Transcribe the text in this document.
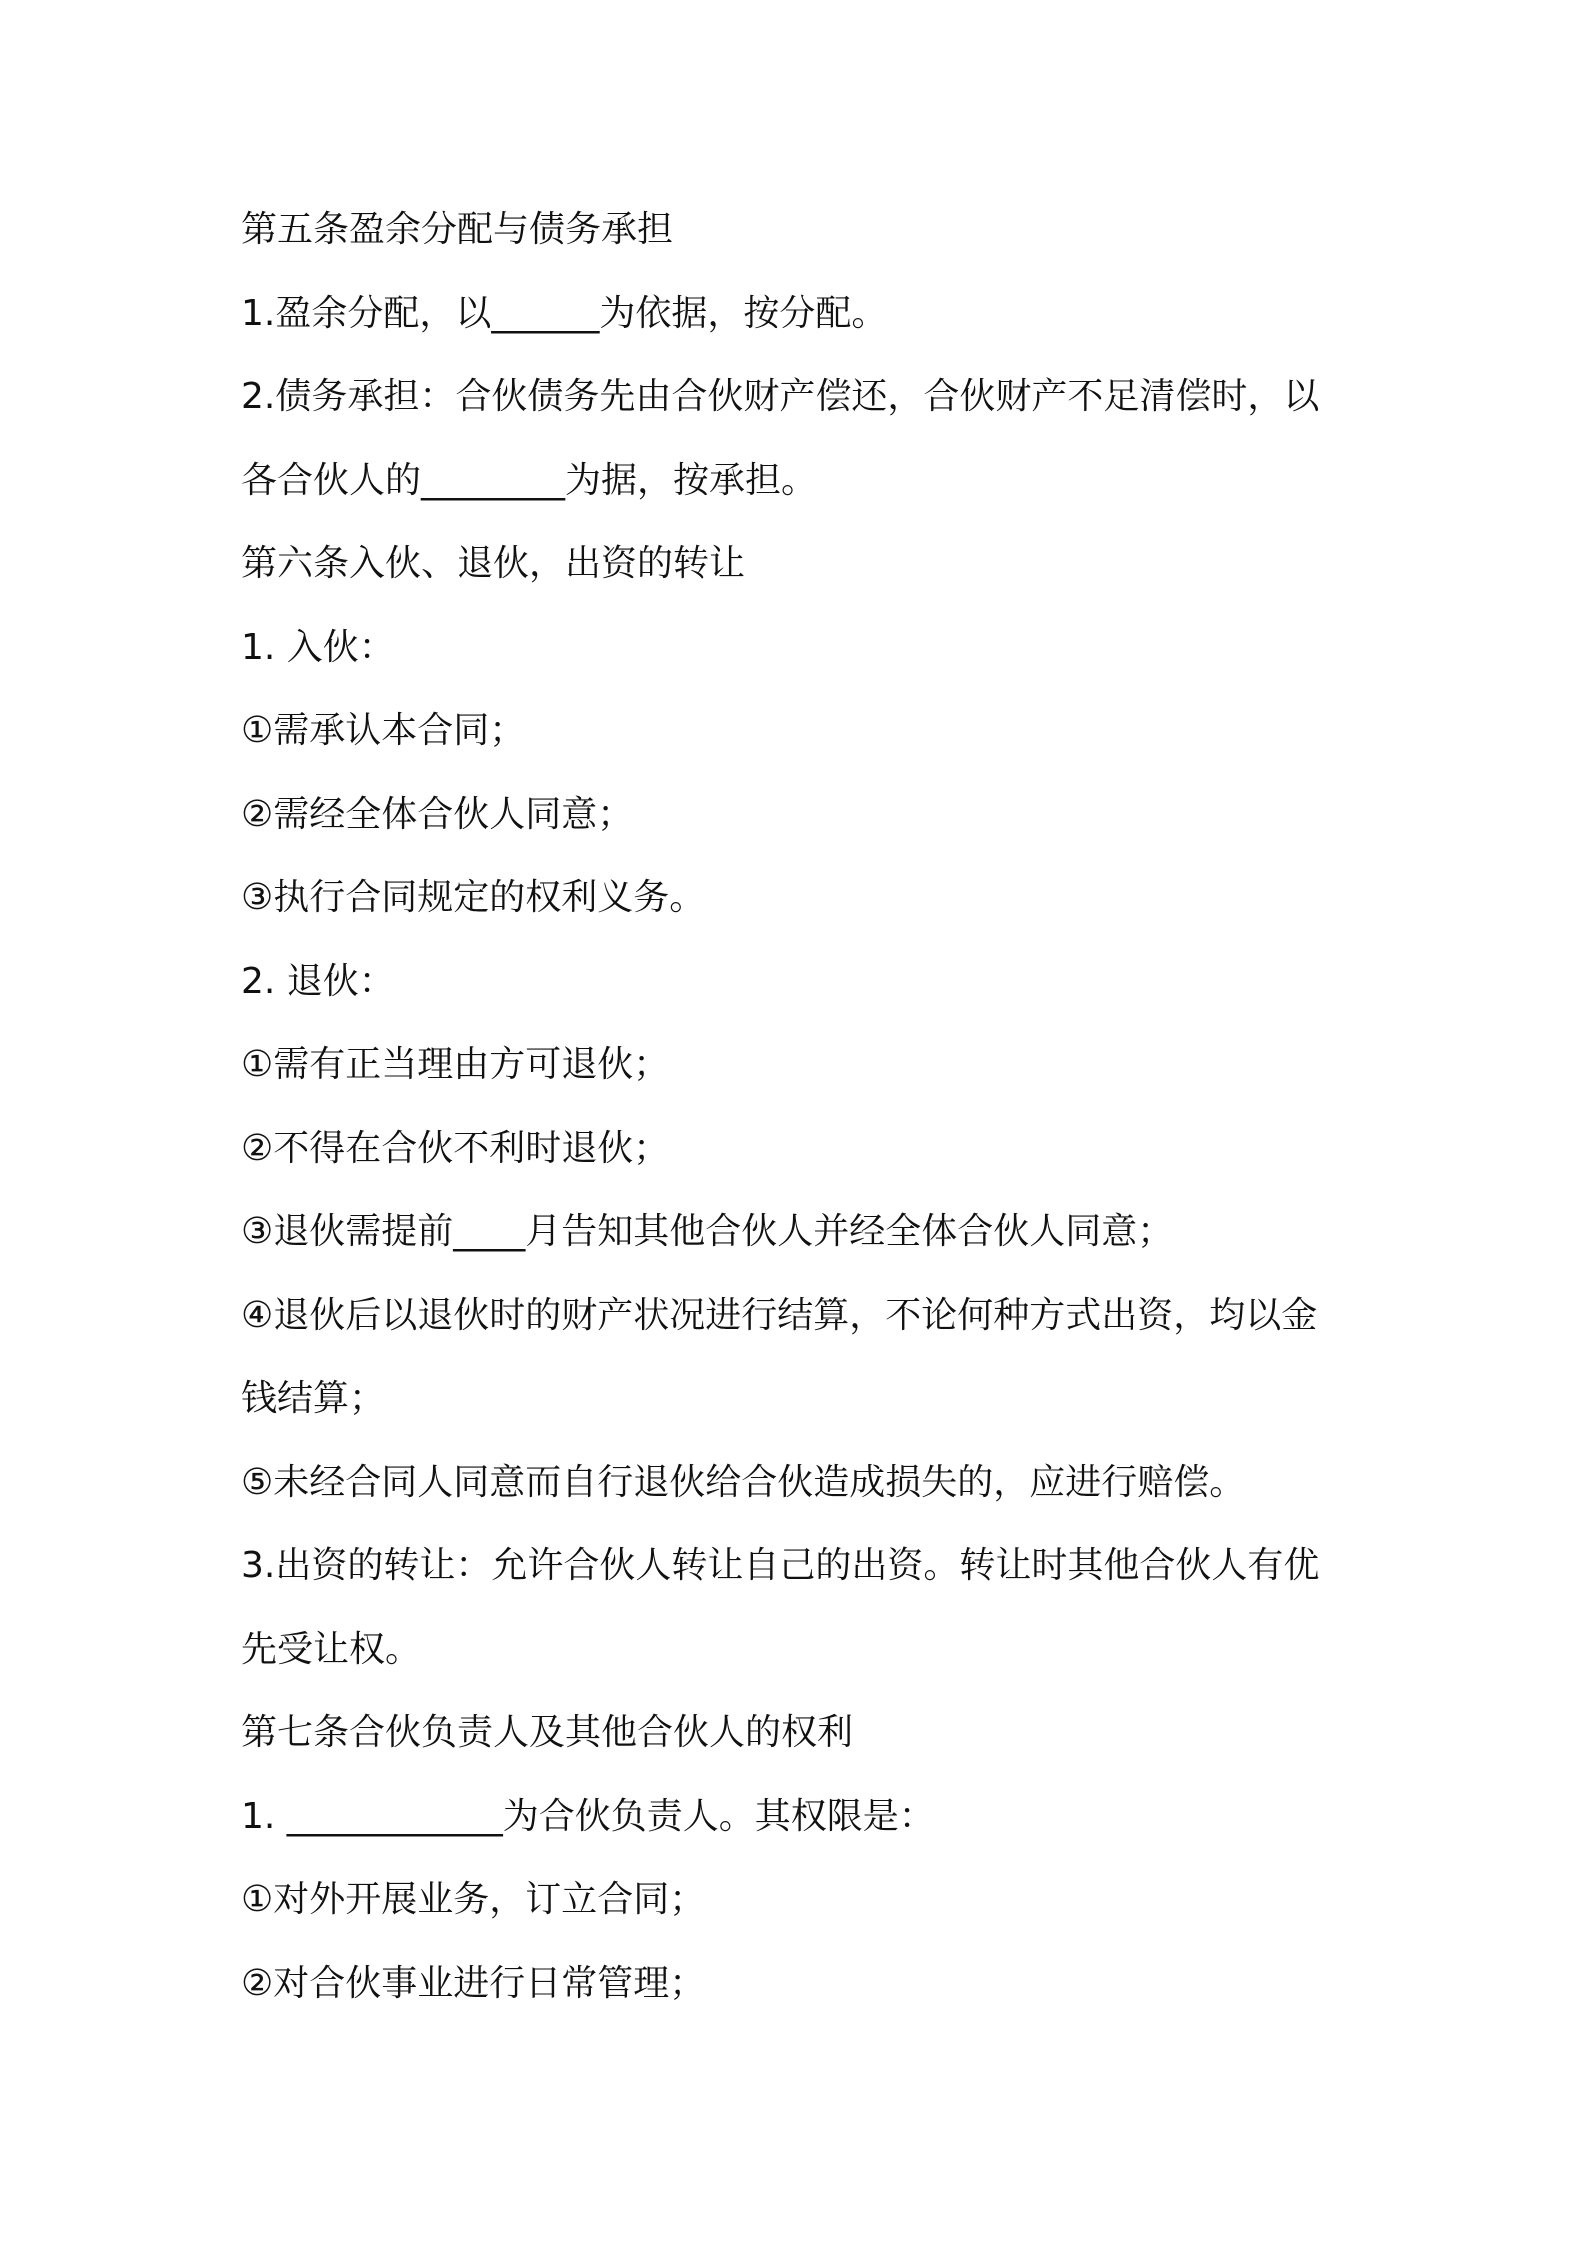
第五条盈余分配与债务承担
1.盈余分配，以______为依据，按分配。
2.债务承担：合伙债务先由合伙财产偿还，合伙财产不足清偿时，以
各合伙人的________为据，按承担。
第六条入伙、退伙，出资的转让
1. 入伙：
①需承认本合同；
②需经全体合伙人同意；
③执行合同规定的权利义务。
2. 退伙：
①需有正当理由方可退伙；
②不得在合伙不利时退伙；
③退伙需提前____月告知其他合伙人并经全体合伙人同意；
④退伙后以退伙时的财产状况进行结算，不论何种方式出资，均以金
钱结算；
⑤未经合同人同意而自行退伙给合伙造成损失的，应进行赔偿。
3.出资的转让：允许合伙人转让自己的出资。转让时其他合伙人有优
先受让权。
第七条合伙负责人及其他合伙人的权利
1. ____________为合伙负责人。其权限是：
①对外开展业务，订立合同；
②对合伙事业进行日常管理；
